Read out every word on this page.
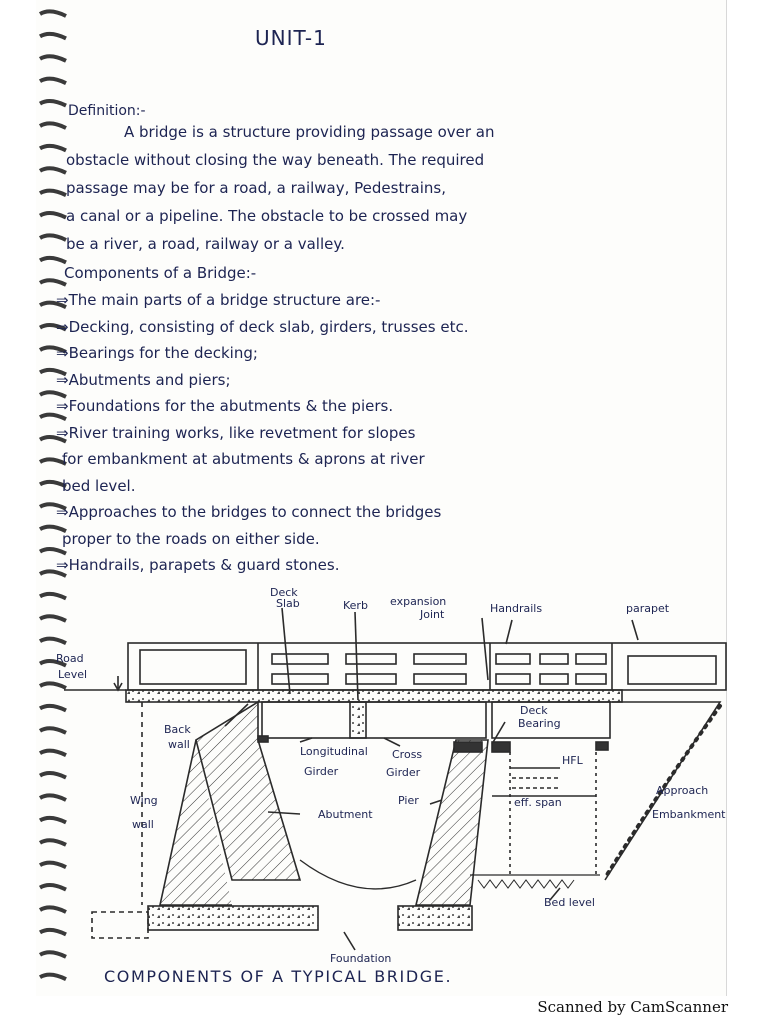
UNIT-1
Definition:-
A bridge is a structure providing passage over an
obstacle without closing the way beneath. The required
passage may be for a road, a railway, Pedestrains,
a canal or a pipeline. The obstacle to be crossed may
be a river, a road, railway or a valley.
Components of a Bridge:-
⇒The main parts of a bridge structure are:-
⇒Decking, consisting of deck slab, girders, trusses etc.
⇒Bearings for the decking;
⇒Abutments and piers;
⇒Foundations for the abutments & the piers.
⇒River training works, like revetment for slopes
for embankment at abutments & aprons at river
bed level.
⇒Approaches to the bridges to connect the bridges
proper to the roads on either side.
⇒Handrails, parapets & guard stones.
Deck
Slab	Kerb expansion
Joint	Handrails	parapet
Road
Level
Back
wall
Deck
Bearing
Longitudinal
Girder
Cross
Girder
HFL
Wing
wall
Pier
Abutment
eff. span
Approach
Embankment
Bed level
Foundation
COMPONENTS OF A TYPICAL BRIDGE.
Scanned by CamScanner
